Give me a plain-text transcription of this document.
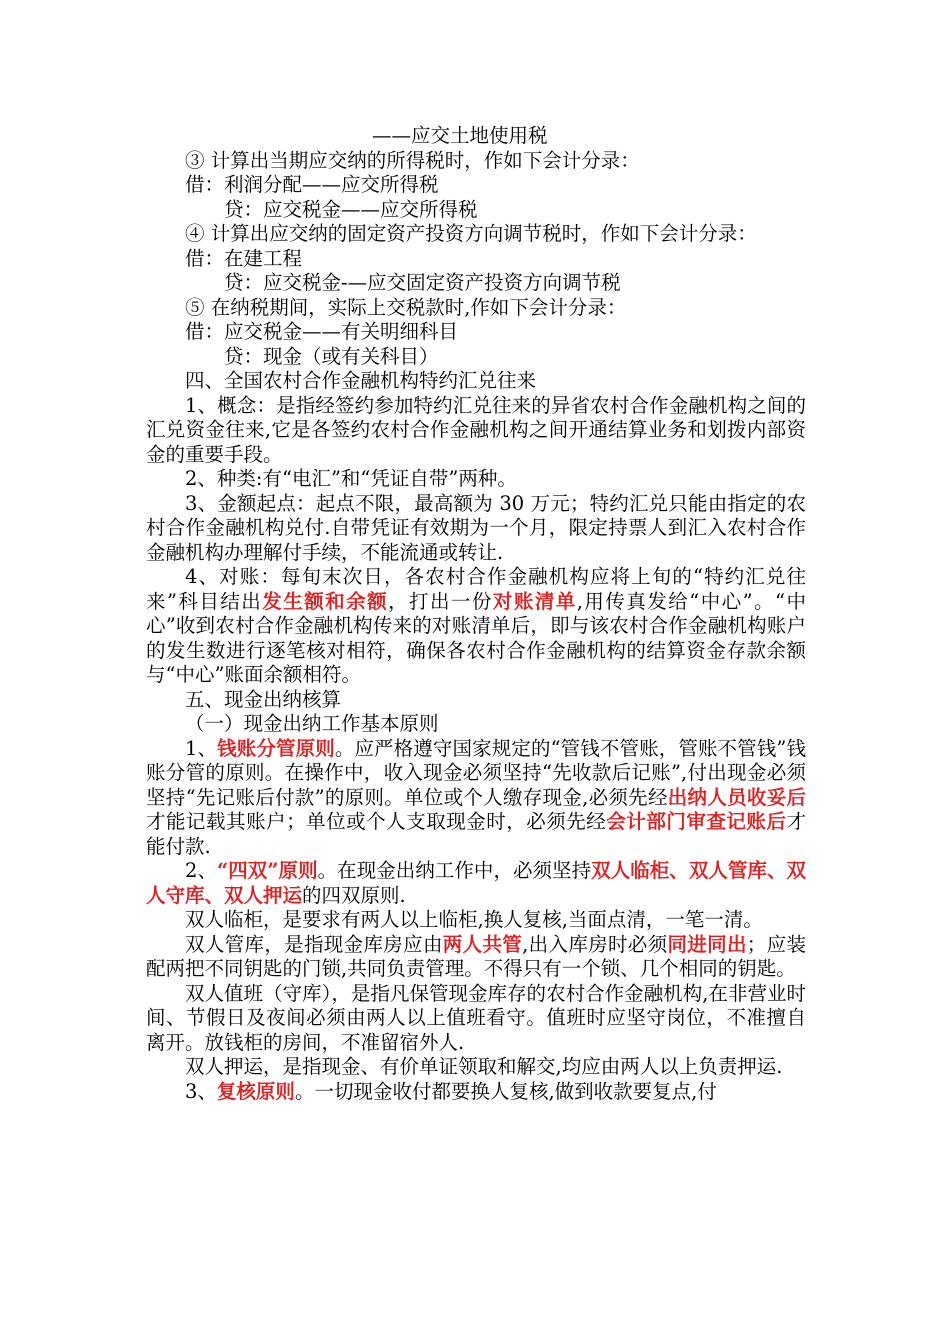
——应交土地使用税

③ 计算出当期应交纳的所得税时，作如下会计分录：

借：利润分配——应交所得税

贷：应交税金——应交所得税

④ 计算出应交纳的固定资产投资方向调节税时，作如下会计分录：

借：在建工程

贷：应交税金-—应交固定资产投资方向调节税

⑤ 在纳税期间，实际上交税款时,作如下会计分录：

借：应交税金——有关明细科目

贷：现金（或有关科目）

四、全国农村合作金融机构特约汇兑往来

1、概念：是指经签约参加特约汇兑往来的异省农村合作金融机构之间的汇兑资金往来,它是各签约农村合作金融机构之间开通结算业务和划拨内部资金的重要手段。

2、种类:有“电汇”和“凭证自带”两种。

3、金额起点：起点不限，最高额为 30 万元；特约汇兑只能由指定的农村合作金融机构兑付.自带凭证有效期为一个月，限定持票人到汇入农村合作金融机构办理解付手续，不能流通或转让.

4、对账：每旬末次日，各农村合作金融机构应将上旬的“特约汇兑往来”科目结出发生额和余额，打出一份对账清单,用传真发给“中心”。“中心”收到农村合作金融机构传来的对账清单后，即与该农村合作金融机构账户的发生数进行逐笔核对相符，确保各农村合作金融机构的结算资金存款余额与“中心”账面余额相符。

五、现金出纳核算

（一）现金出纳工作基本原则

1、钱账分管原则。应严格遵守国家规定的“管钱不管账，管账不管钱”钱账分管的原则。在操作中，收入现金必须坚持“先收款后记账”,付出现金必须坚持“先记账后付款”的原则。单位或个人缴存现金,必须先经出纳人员收妥后才能记载其账户；单位或个人支取现金时，必须先经会计部门审查记账后才能付款.

2、“四双”原则。在现金出纳工作中，必须坚持双人临柜、双人管库、双人守库、双人押运的四双原则.

双人临柜，是要求有两人以上临柜,换人复核,当面点清，一笔一清。

双人管库，是指现金库房应由两人共管,出入库房时必须同进同出；应装配两把不同钥匙的门锁,共同负责管理。不得只有一个锁、几个相同的钥匙。

双人值班（守库），是指凡保管现金库存的农村合作金融机构,在非营业时间、节假日及夜间必须由两人以上值班看守。值班时应坚守岗位，不准擅自离开。放钱柜的房间，不准留宿外人.

双人押运，是指现金、有价单证领取和解交,均应由两人以上负责押运.

3、复核原则。一切现金收付都要换人复核,做到收款要复点,付
